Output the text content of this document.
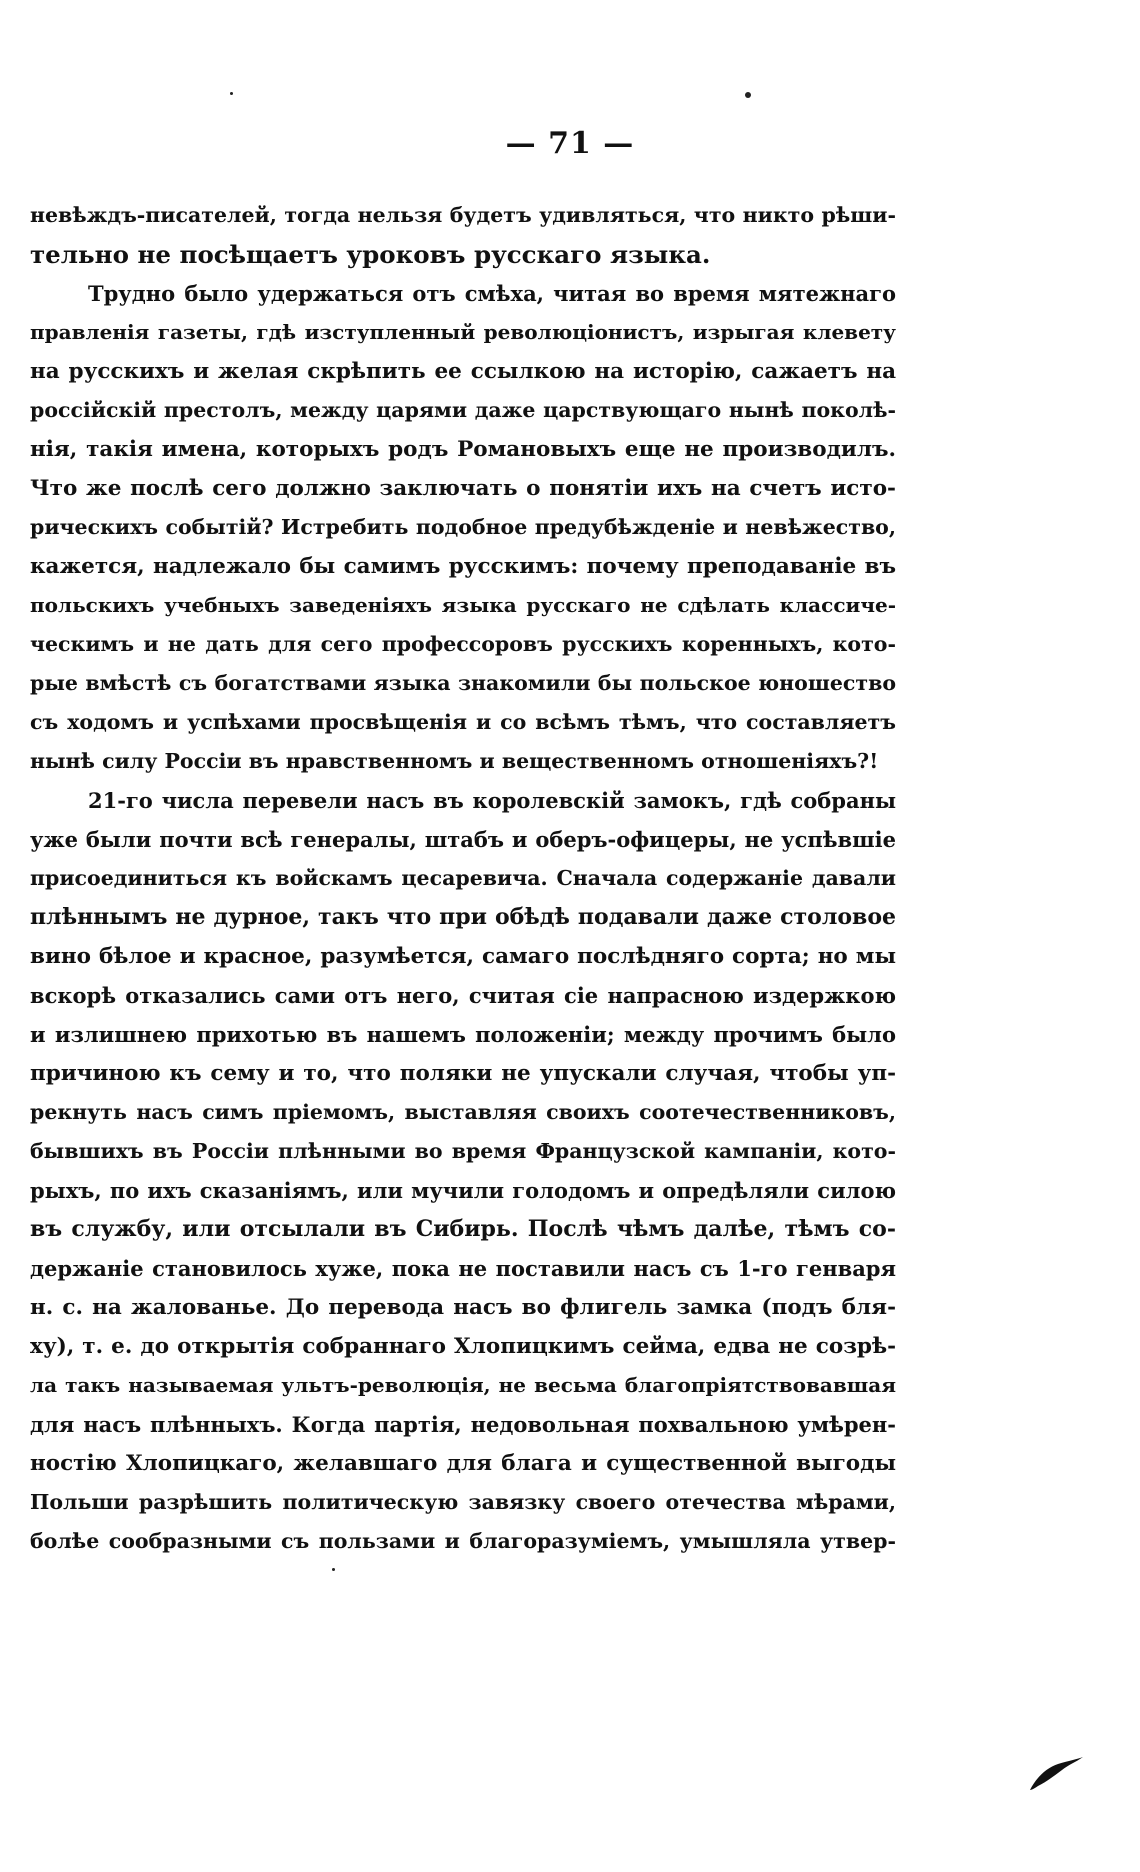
— 71 —
невѣждъ-писателей, тогда нельзя будетъ удивляться, что никто рѣши-
тельно не посѣщаетъ уроковъ русскаго языка.
Трудно было удержаться отъ смѣха, читая во время мятежнаго
правленія газеты, гдѣ изступленный революціонистъ, изрыгая клевету
на русскихъ и желая скрѣпить ее ссылкою на исторію, сажаетъ на
россійскій престолъ, между царями даже царствующаго нынѣ поколѣ-
нія, такія имена, которыхъ родъ Романовыхъ еще не производилъ.
Что же послѣ сего должно заключать о понятіи ихъ на счетъ исто-
рическихъ событій? Истребить подобное предубѣжденіе и невѣжество,
кажется, надлежало бы самимъ русскимъ: почему преподаваніе въ
польскихъ учебныхъ заведеніяхъ языка русскаго не сдѣлать классиче-
ческимъ и не дать для сего профессоровъ русскихъ коренныхъ, кото-
рые вмѣстѣ съ богатствами языка знакомили бы польское юношество
съ ходомъ и успѣхами просвѣщенія и со всѣмъ тѣмъ, что составляетъ
нынѣ силу Россіи въ нравственномъ и вещественномъ отношеніяхъ?!
21-го числа перевели насъ въ королевскій замокъ, гдѣ собраны
уже были почти всѣ генералы, штабъ и оберъ-офицеры, не успѣвшіе
присоединиться къ войскамъ цесаревича. Сначала содержаніе давали
плѣннымъ не дурное, такъ что при обѣдѣ подавали даже столовое
вино бѣлое и красное, разумѣется, самаго послѣдняго сорта; но мы
вскорѣ отказались сами отъ него, считая сіе напрасною издержкою
и излишнею прихотью въ нашемъ положеніи; между прочимъ было
причиною къ сему и то, что поляки не упускали случая, чтобы уп-
рекнуть насъ симъ пріемомъ, выставляя своихъ соотечественниковъ,
бывшихъ въ Россіи плѣнными во время Французской кампаніи, кото-
рыхъ, по ихъ сказаніямъ, или мучили голодомъ и опредѣляли силою
въ службу, или отсылали въ Сибирь. Послѣ чѣмъ далѣе, тѣмъ со-
держаніе становилось хуже, пока не поставили насъ съ 1-го генваря
н. с. на жалованье. До перевода насъ во флигель замка (подъ бля-
ху), т. е. до открытія собраннаго Хлопицкимъ сейма, едва не созрѣ-
ла такъ называемая ультъ-революція, не весьма благопріятствовавшая
для насъ плѣнныхъ. Когда партія, недовольная похвальною умѣрен-
ностію Хлопицкаго, желавшаго для блага и существенной выгоды
Польши разрѣшить политическую завязку своего отечества мѣрами,
болѣе сообразными съ пользами и благоразуміемъ, умышляла утвер-
